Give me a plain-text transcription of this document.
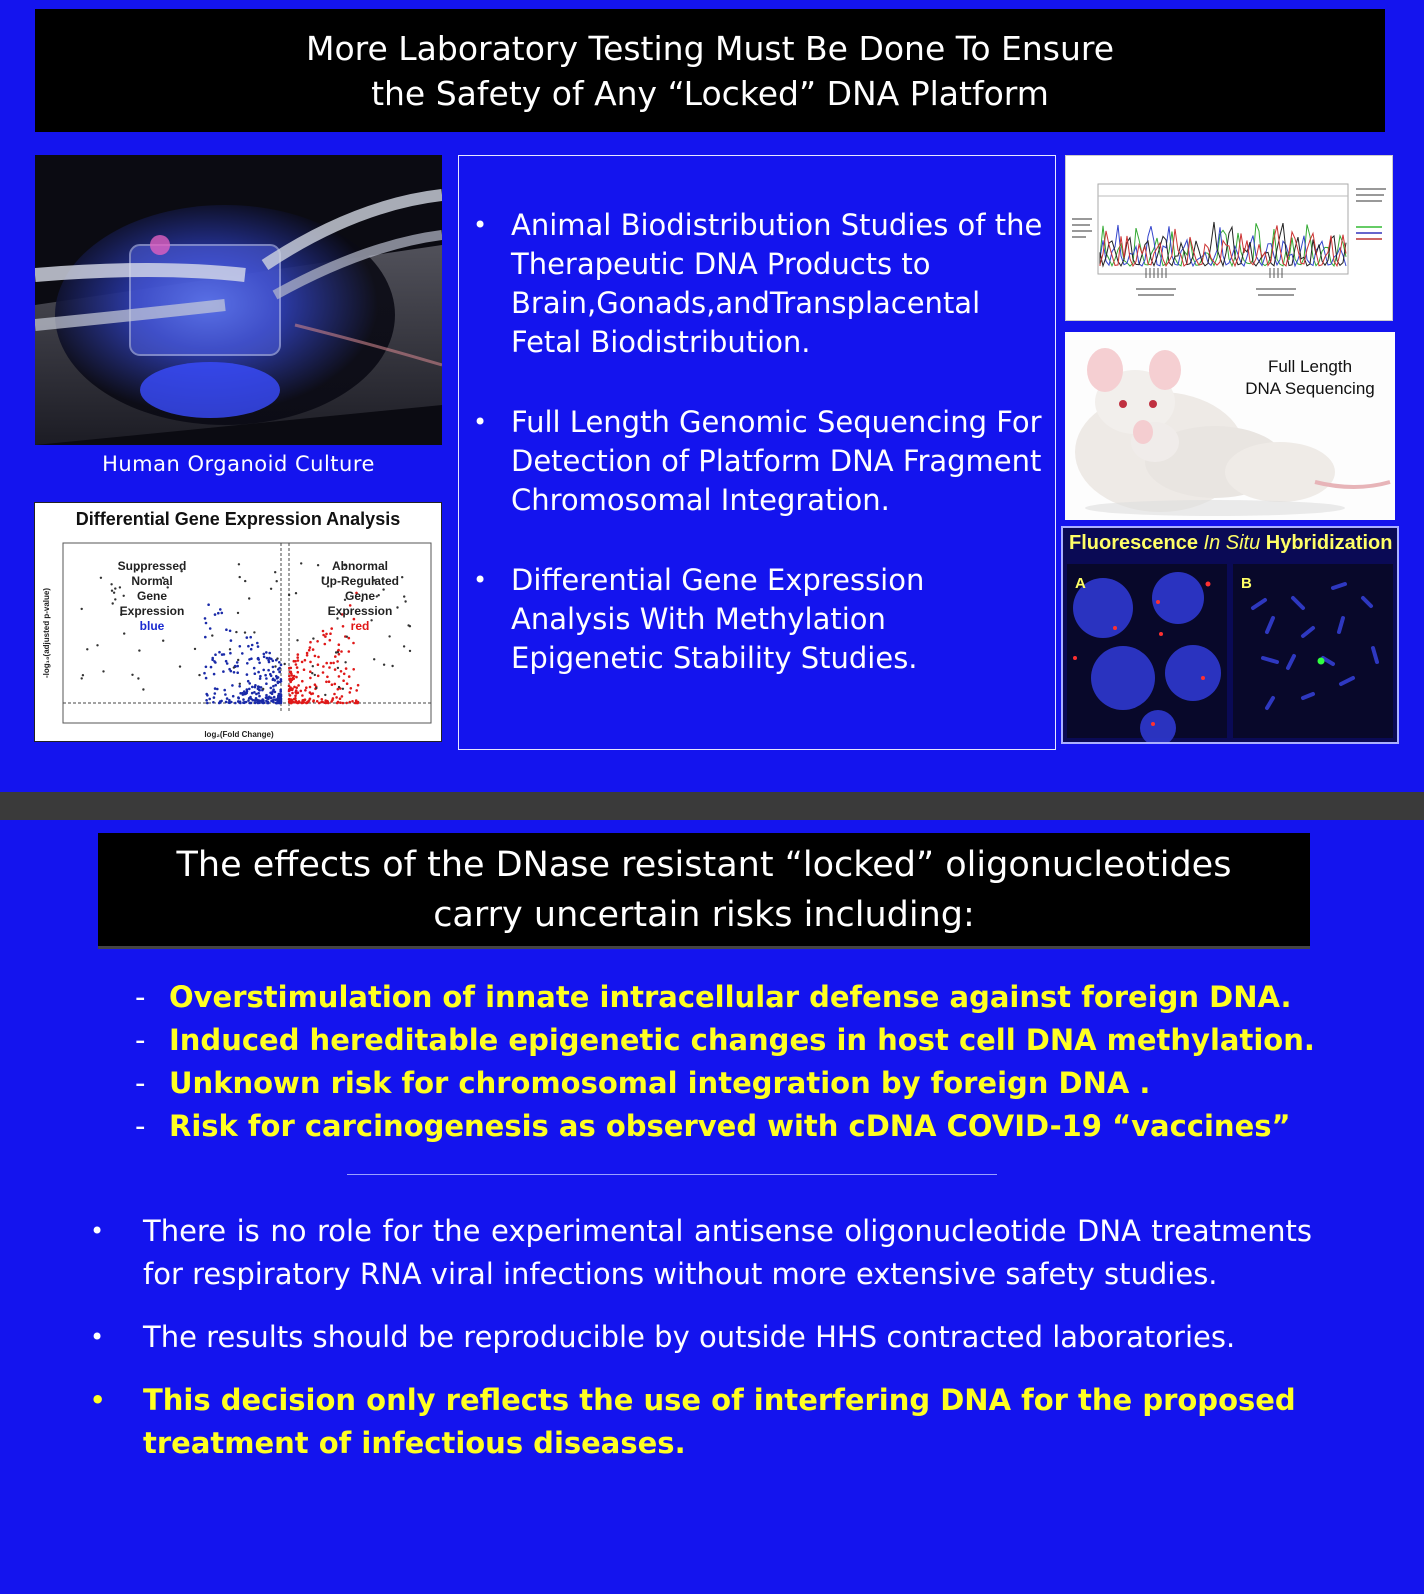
More Laboratory Testing Must Be Done To Ensure
the Safety of Any “Locked” DNA Platform
Human Organoid Culture
Differential Gene Expression Analysis
-log₁₀(adjusted p-value)
log₂(Fold Change)
Suppressed
Normal
Gene
Expression
blue
Abnormal
Up-Regulated
Gene
Expression
red
• Animal Biodistribution Studies of the Therapeutic DNA Products to Brain,Gonads,andTransplacental Fetal Biodistribution.
• Full Length Genomic Sequencing For Detection of Platform DNA Fragment Chromosomal Integration.
• Differential Gene Expression Analysis With Methylation Epigenetic Stability Studies.
Full Length
DNA Sequencing
Fluorescence In Situ Hybridization
A	B
The effects of the DNase resistant “locked” oligonucleotides
carry uncertain risks including:
- Overstimulation of innate intracellular defense against foreign DNA.
- Induced hereditable epigenetic changes in host cell DNA methylation.
- Unknown risk for chromosomal integration by foreign DNA .
- Risk for carcinogenesis as observed with cDNA COVID-19 “vaccines”
• There is no role for the experimental antisense oligonucleotide DNA treatments for respiratory RNA viral infections without more extensive safety studies.
• The results should be reproducible by outside HHS contracted laboratories.
• This decision only reflects the use of interfering DNA for the proposed treatment of infectious diseases.
